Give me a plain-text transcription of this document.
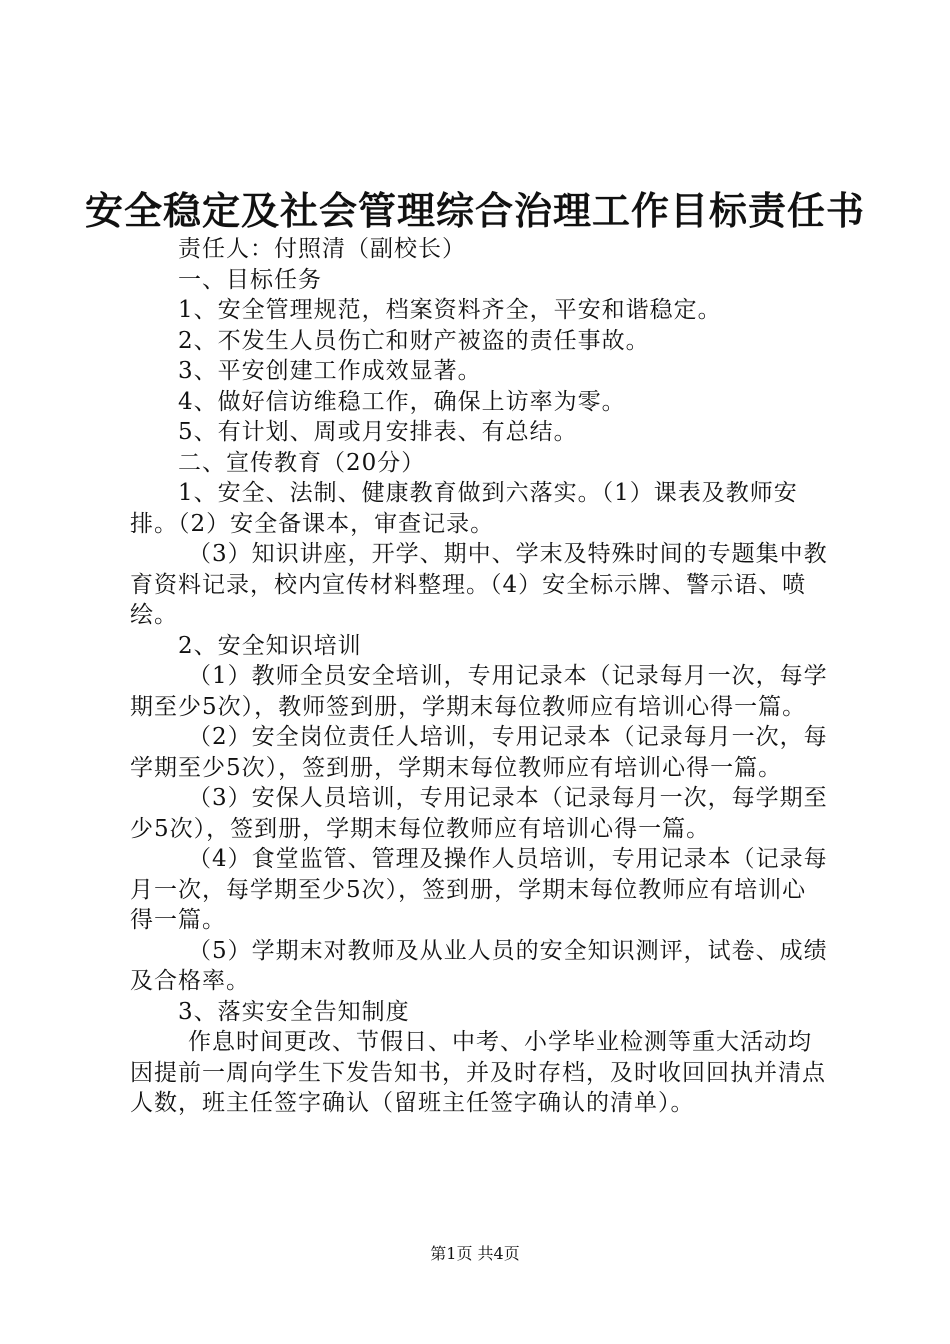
安全稳定及社会管理综合治理工作目标责任书

责任人：付照清（副校长）

一、目标任务

1、安全管理规范，档案资料齐全，平安和谐稳定。

2、不发生人员伤亡和财产被盗的责任事故。

3、平安创建工作成效显著。

4、做好信访维稳工作，确保上访率为零。

5、有计划、周或月安排表、有总结。

二、宣传教育（20分）

1、安全、法制、健康教育做到六落实。（1）课表及教师安排。（2）安全备课本，审查记录。

（3）知识讲座，开学、期中、学末及特殊时间的专题集中教育资料记录，校内宣传材料整理。（4）安全标示牌、警示语、喷绘。

2、安全知识培训

（1）教师全员安全培训，专用记录本（记录每月一次，每学期至少5次），教师签到册，学期末每位教师应有培训心得一篇。

（2）安全岗位责任人培训，专用记录本（记录每月一次，每学期至少5次），签到册，学期末每位教师应有培训心得一篇。

（3）安保人员培训，专用记录本（记录每月一次，每学期至少5次），签到册，学期末每位教师应有培训心得一篇。

（4）食堂监管、管理及操作人员培训，专用记录本（记录每月一次，每学期至少5次），签到册，学期末每位教师应有培训心得一篇。

（5）学期末对教师及从业人员的安全知识测评，试卷、成绩及合格率。

3、落实安全告知制度

作息时间更改、节假日、中考、小学毕业检测等重大活动均因提前一周向学生下发告知书，并及时存档，及时收回回执并清点人数，班主任签字确认（留班主任签字确认的清单）。

第1页 共4页
